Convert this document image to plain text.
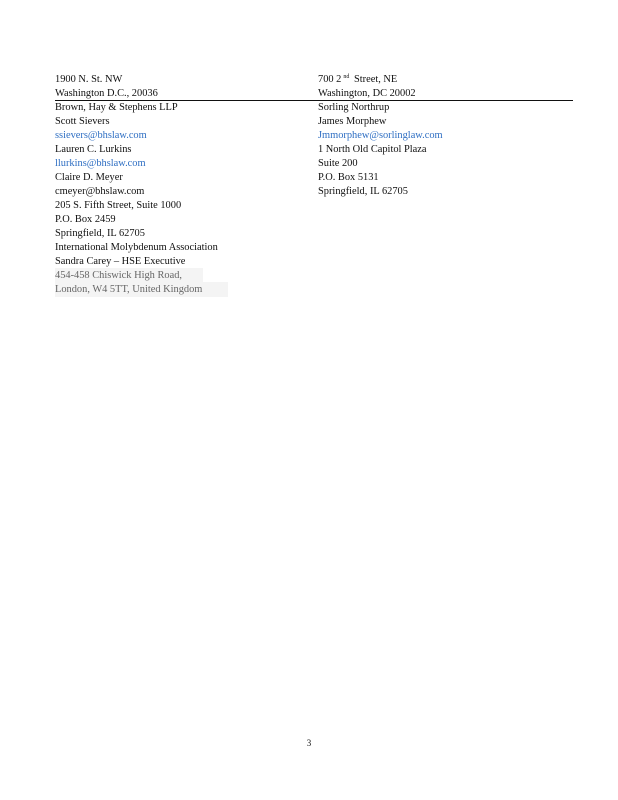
1900 N. St. NW
Washington D.C., 20036
Brown, Hay & Stephens LLP
Scott Sievers
ssievers@bhslaw.com
Lauren C. Lurkins
llurkins@bhslaw.com
Claire D. Meyer
cmeyer@bhslaw.com
205 S. Fifth Street, Suite 1000
P.O. Box 2459
Springfield, IL 62705
International Molybdenum Association
Sandra Carey – HSE Executive
454-458 Chiswick High Road,
London, W4 5TT, United Kingdom
700 2 $^{nd}$ Street, NE
Washington, DC 20002
Sorling Northrup
James Morphew
Jmmorphew@sorlinglaw.com
1 North Old Capitol Plaza
Suite 200
P.O. Box 5131
Springfield, IL 62705
3
